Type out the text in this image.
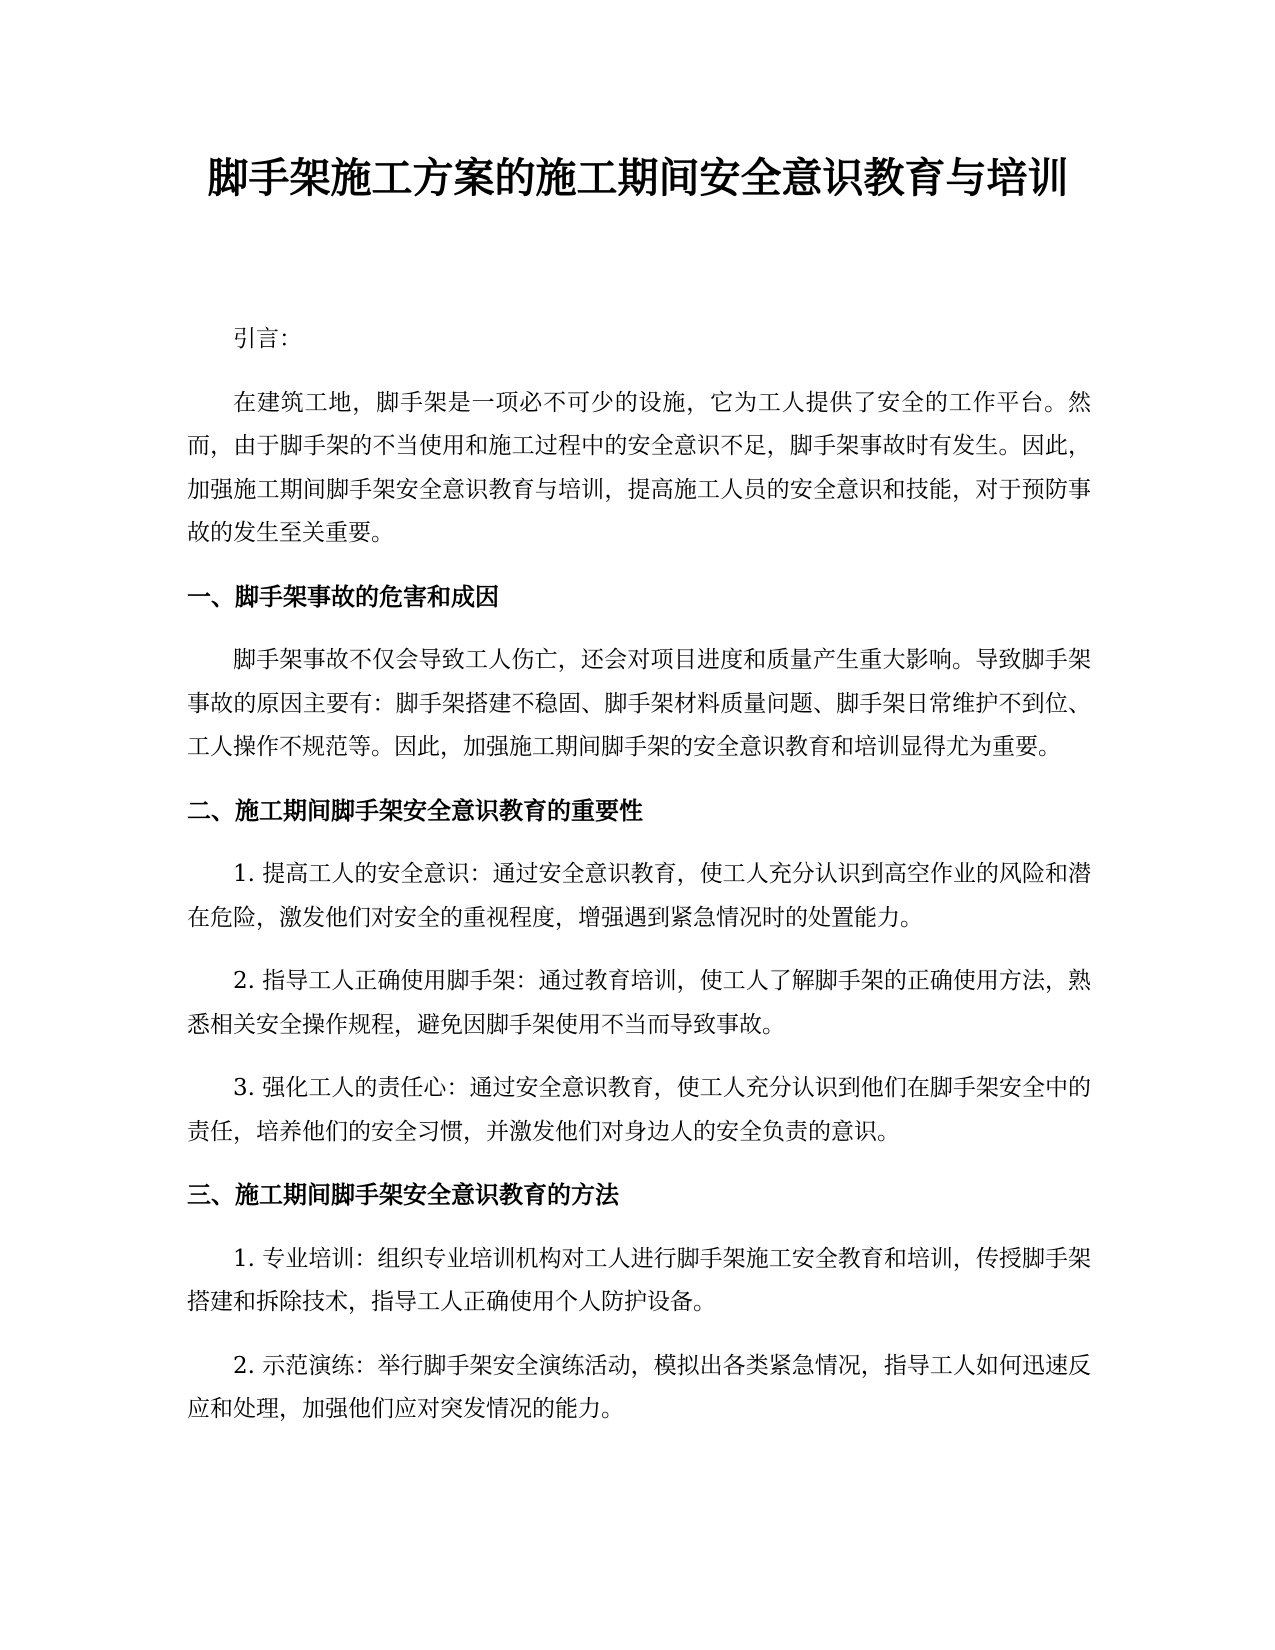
脚手架施工方案的施工期间安全意识教育与培训

引言：

在建筑工地，脚手架是一项必不可少的设施，它为工人提供了安全的工作平台。然而，由于脚手架的不当使用和施工过程中的安全意识不足，脚手架事故时有发生。因此，加强施工期间脚手架安全意识教育与培训，提高施工人员的安全意识和技能，对于预防事故的发生至关重要。

一、脚手架事故的危害和成因

脚手架事故不仅会导致工人伤亡，还会对项目进度和质量产生重大影响。导致脚手架事故的原因主要有：脚手架搭建不稳固、脚手架材料质量问题、脚手架日常维护不到位、工人操作不规范等。因此，加强施工期间脚手架的安全意识教育和培训显得尤为重要。

二、施工期间脚手架安全意识教育的重要性

1. 提高工人的安全意识：通过安全意识教育，使工人充分认识到高空作业的风险和潜在危险，激发他们对安全的重视程度，增强遇到紧急情况时的处置能力。

2. 指导工人正确使用脚手架：通过教育培训，使工人了解脚手架的正确使用方法，熟悉相关安全操作规程，避免因脚手架使用不当而导致事故。

3. 强化工人的责任心：通过安全意识教育，使工人充分认识到他们在脚手架安全中的责任，培养他们的安全习惯，并激发他们对身边人的安全负责的意识。

三、施工期间脚手架安全意识教育的方法

1. 专业培训：组织专业培训机构对工人进行脚手架施工安全教育和培训，传授脚手架搭建和拆除技术，指导工人正确使用个人防护设备。

2. 示范演练：举行脚手架安全演练活动，模拟出各类紧急情况，指导工人如何迅速反应和处理，加强他们应对突发情况的能力。
